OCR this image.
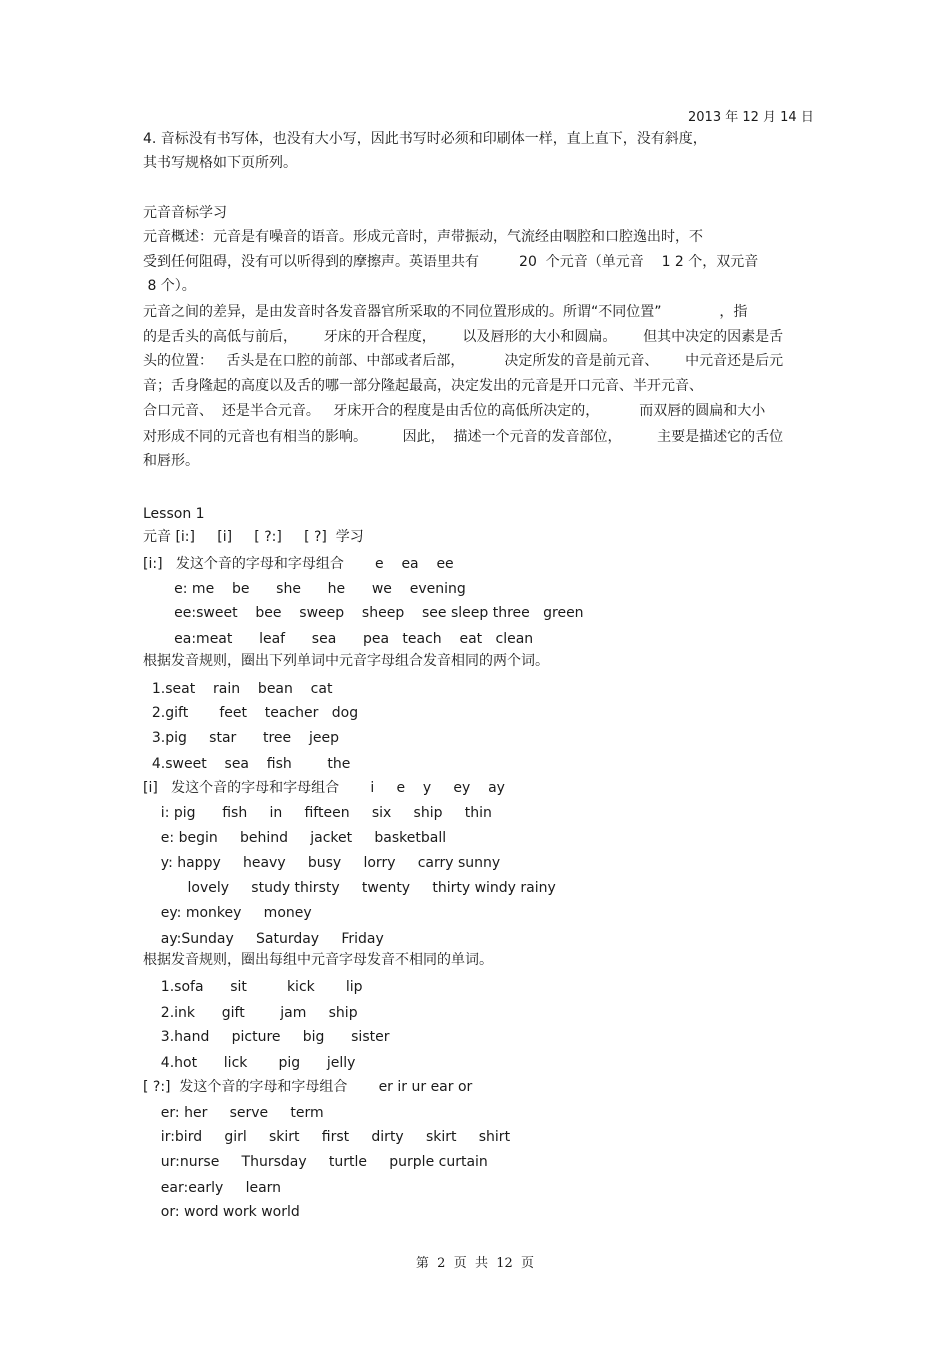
2013 年 12 月 14 日
4. 音标没有书写体，也没有大小写，因此书写时必须和印刷体一样，直上直下，没有斜度，
其书写规格如下页所列。
元音音标学习
元音概述：元音是有噪音的语音。形成元音时，声带振动，气流经由咽腔和口腔逸出时，不
受到任何阻碍，没有可以听得到的摩擦声。英语里共有         20  个元音（单元音    1 2 个，双元音
8 个）。
元音之间的差异，是由发音时各发音器官所采取的不同位置形成的。所谓“不同位置”             ，指
的是舌头的高低与前后，      牙床的开合程度，      以及唇形的大小和圆扁。      但其中决定的因素是舌
头的位置：   舌头是在口腔的前部、中部或者后部，         决定所发的音是前元音、      中元音还是后元
音；舌身隆起的高度以及舌的哪一部分隆起最高，决定发出的元音是开口元音、半开元音、
合口元音、  还是半合元音。   牙床开合的程度是由舌位的高低所决定的，         而双唇的圆扁和大小
对形成不同的元音也有相当的影响。        因此，  描述一个元音的发音部位，        主要是描述它的舌位
和唇形。
Lesson 1
元音 [i:]     [i]     [ ?:]     [ ?]  学习
[i:]   发这个音的字母和字母组合       e    ea    ee
e: me    be      she      he      we    evening
ee:sweet    bee    sweep    sheep    see sleep three   green
ea:meat      leaf      sea      pea   teach    eat   clean
根据发音规则，圈出下列单词中元音字母组合发音相同的两个词。
1.seat    rain    bean    cat
2.gift       feet    teacher   dog
3.pig     star      tree    jeep
4.sweet    sea    fish        the
[i]   发这个音的字母和字母组合       i     e    y     ey    ay
i: pig      fish     in     fifteen     six     ship     thin
e: begin     behind     jacket     basketball
y: happy     heavy     busy     lorry     carry sunny
lovely     study thirsty     twenty     thirty windy rainy
ey: monkey     money
ay:Sunday     Saturday     Friday
根据发音规则，圈出每组中元音字母发音不相同的单词。
1.sofa      sit         kick       lip
2.ink      gift        jam     ship
3.hand     picture     big      sister
4.hot      lick       pig      jelly
[ ?:]  发这个音的字母和字母组合       er ir ur ear or
er: her     serve     term
ir:bird     girl     skirt     first     dirty     skirt     shirt
ur:nurse     Thursday     turtle     purple curtain
ear:early     learn
or: word work world
第  2  页  共  12  页
